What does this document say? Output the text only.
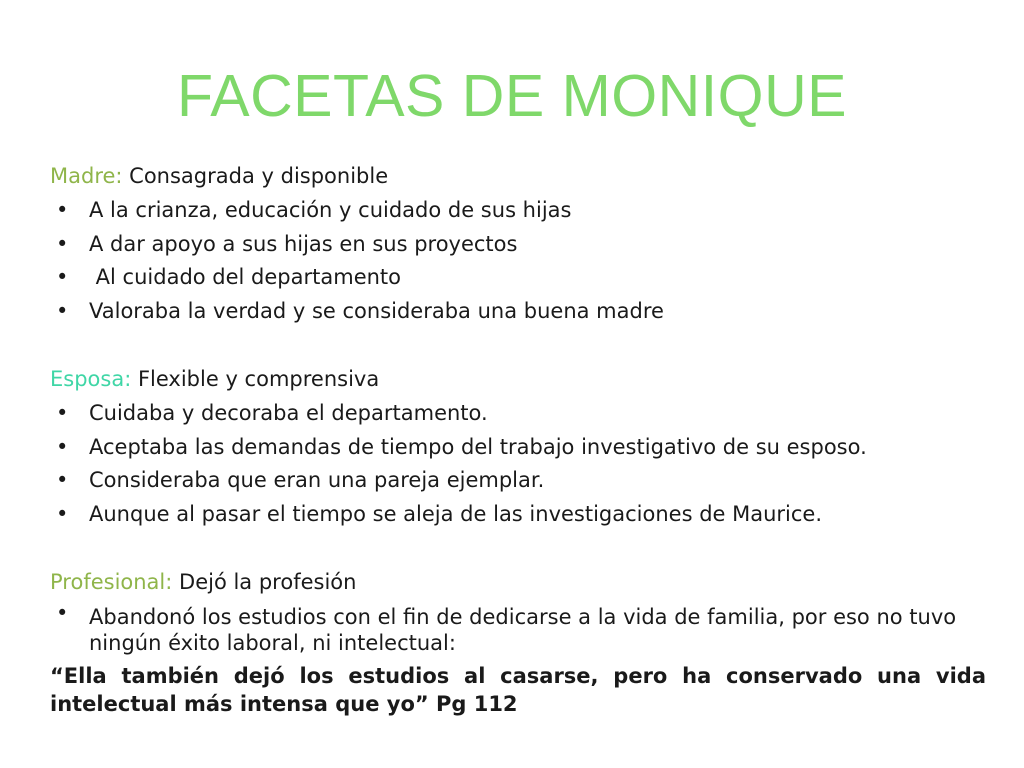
FACETAS DE MONIQUE

Madre: Consagrada y disponible

• A la crianza, educación y cuidado de sus hijas
• A dar apoyo a sus hijas en sus proyectos
• Al cuidado del departamento
• Valoraba la verdad y se consideraba una buena madre

Esposa: Flexible y comprensiva

• Cuidaba y decoraba el departamento.
• Aceptaba las demandas de tiempo del trabajo investigativo de su esposo.
• Consideraba que eran una pareja ejemplar.
• Aunque al pasar el tiempo se aleja de las investigaciones de Maurice.

Profesional: Dejó la profesión

• Abandonó los estudios con el fin de dedicarse a la vida de familia, por eso no tuvo ningún éxito laboral, ni intelectual:

“Ella también dejó los estudios al casarse, pero ha conservado una vida intelectual más intensa que yo” Pg 112
